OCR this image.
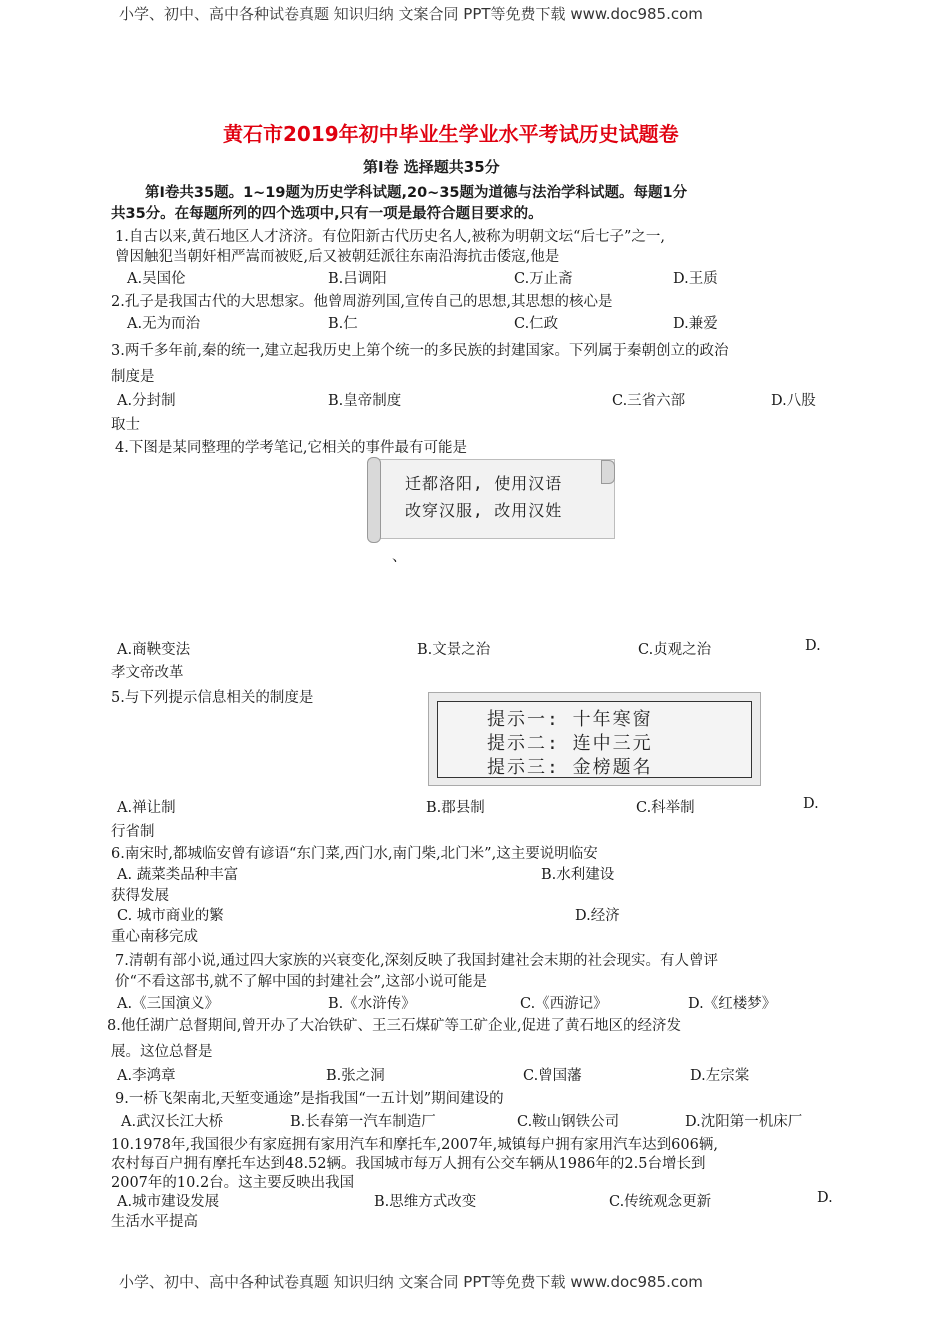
小学、初中、高中各种试卷真题 知识归纳 文案合同 PPT等免费下载 www.doc985.com
黄石市2019年初中毕业生学业水平考试历史试题卷
第Ⅰ卷 选择题共35分
第Ⅰ卷共35题。1~19题为历史学科试题,20~35题为道德与法治学科试题。每题1分
共35分。在每题所列的四个选项中,只有一项是最符合题目要求的。
1.自古以来,黄石地区人才济济。有位阳新古代历史名人,被称为明朝文坛“后七子”之一,
曾因触犯当朝奸相严嵩而被贬,后又被朝廷派往东南沿海抗击倭寇,他是
A.吴国伦	B.吕调阳	C.万止斋	D.王质
2.孔子是我国古代的大思想家。他曾周游列国,宣传自己的思想,其思想的核心是
A.无为而治	B.仁	C.仁政	D.兼爱
3.两千多年前,秦的统一,建立起我历史上第个统一的多民族的封建国家。下列属于秦朝创立的政治
制度是
A.分封制	B.皇帝制度	C.三省六部	D.八股
取士
4.下图是某同整理的学考笔记,它相关的事件最有可能是
迁都洛阳, 使用汉语
改穿汉服, 改用汉姓
、
A.商鞅变法	B.文景之治	C.贞观之治	D.
孝文帝改革
5.与下列提示信息相关的制度是
提示一: 十年寒窗
提示二: 连中三元
提示三: 金榜题名
A.禅让制	B.郡县制	C.科举制	D.
行省制
6.南宋时,都城临安曾有谚语“东门菜,西门水,南门柴,北门米”,这主要说明临安
A. 蔬菜类品种丰富	B.水利建设
获得发展
C. 城市商业的繁	D.经济
重心南移完成
7.清朝有部小说,通过四大家族的兴衰变化,深刻反映了我国封建社会末期的社会现实。有人曾评
价“不看这部书,就不了解中国的封建社会”,这部小说可能是
A.《三国演义》	B.《水浒传》	C.《西游记》	D.《红楼梦》
8.他任湖广总督期间,曾开办了大冶铁矿、王三石煤矿等工矿企业,促进了黄石地区的经济发
展。这位总督是
A.李鸿章	B.张之洞	C.曾国藩	D.左宗棠
9.一桥飞架南北,天堑变通途”是指我国“一五计划”期间建设的
A.武汉长江大桥	B.长春第一汽车制造厂	C.鞍山钢铁公司	D.沈阳第一机床厂
10.1978年,我国很少有家庭拥有家用汽车和摩托车,2007年,城镇每户拥有家用汽车达到606辆,
农村每百户拥有摩托车达到48.52辆。我国城市每万人拥有公交车辆从1986年的2.5台增长到
2007年的10.2台。这主要反映出我国
A.城市建设发展	B.思维方式改变	C.传统观念更新	D.
生活水平提高
小学、初中、高中各种试卷真题 知识归纳 文案合同 PPT等免费下载 www.doc985.com
